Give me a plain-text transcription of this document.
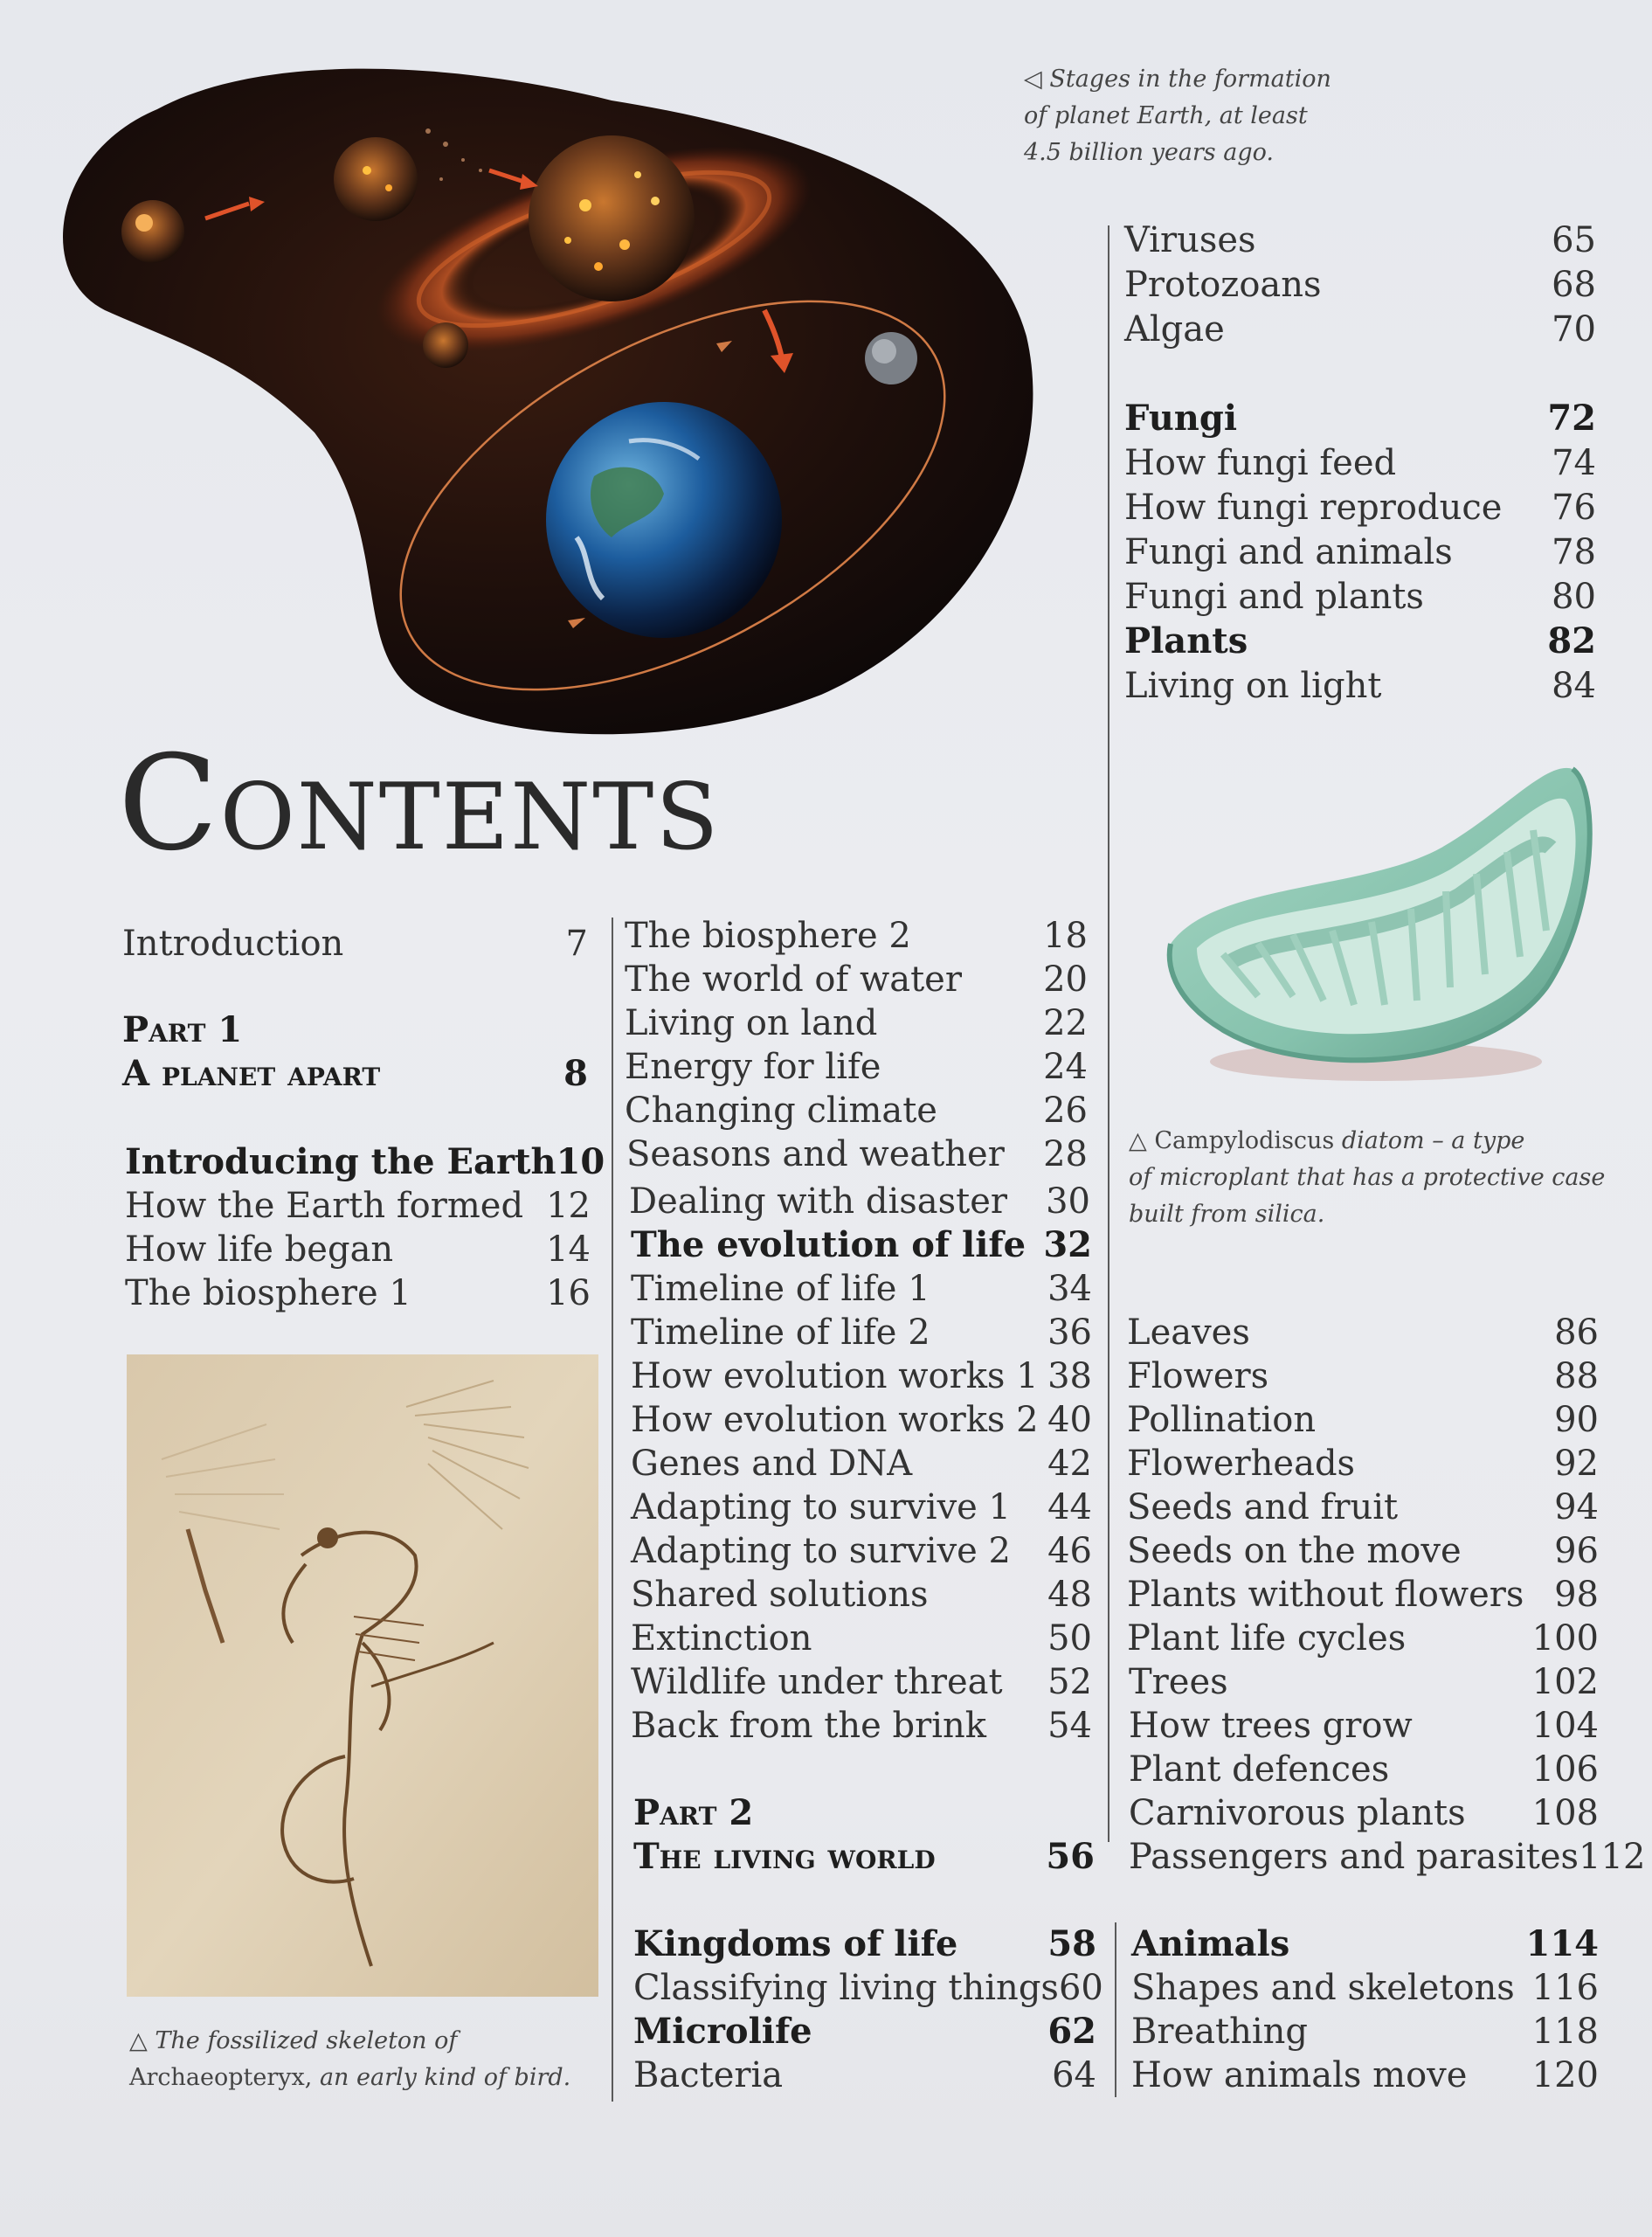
◁ Stages in the formation
of planet Earth, at least
4.5 billion years ago.
Contents
Introduction	7
Part 1
A planet apart	8
Introducing the Earth 10
How the Earth formed 12
How life began	14
The biosphere 1	16
△ The fossilized skeleton of
Archaeopteryx, an early kind of bird.
The biosphere 2	18
The world of water 20
Living on land	22
Energy for life	24
Changing climate	26
Seasons and weather 28
Dealing with disaster 30
The evolution of life 32
Timeline of life 1	34
Timeline of life 2	36
How evolution works 1 38
How evolution works 2 40
Genes and DNA	42
Adapting to survive 1 44
Adapting to survive 2 46
Shared solutions	48
Extinction	50
Wildlife under threat 52
Back from the brink 54
Part 2
The living world	56
Kingdoms of life	58
Classifying living things 60
Microlife	62
Bacteria	64
Viruses	65
Protozoans	68
Algae	70
Fungi	72
How fungi feed	74
How fungi reproduce 76
Fungi and animals	78
Fungi and plants	80
Plants	82
Living on light	84
△ Campylodiscus diatom – a type
of microplant that has a protective case
built from silica.
Leaves	86
Flowers	88
Pollination	90
Flowerheads	92
Seeds and fruit	94
Seeds on the move	96
Plants without flowers 98
Plant life cycles	100
Trees	102
How trees grow	104
Plant defences	106
Carnivorous plants 108
Passengers and parasites 112
Animals	114
Shapes and skeletons 116
Breathing	118
How animals move 120
